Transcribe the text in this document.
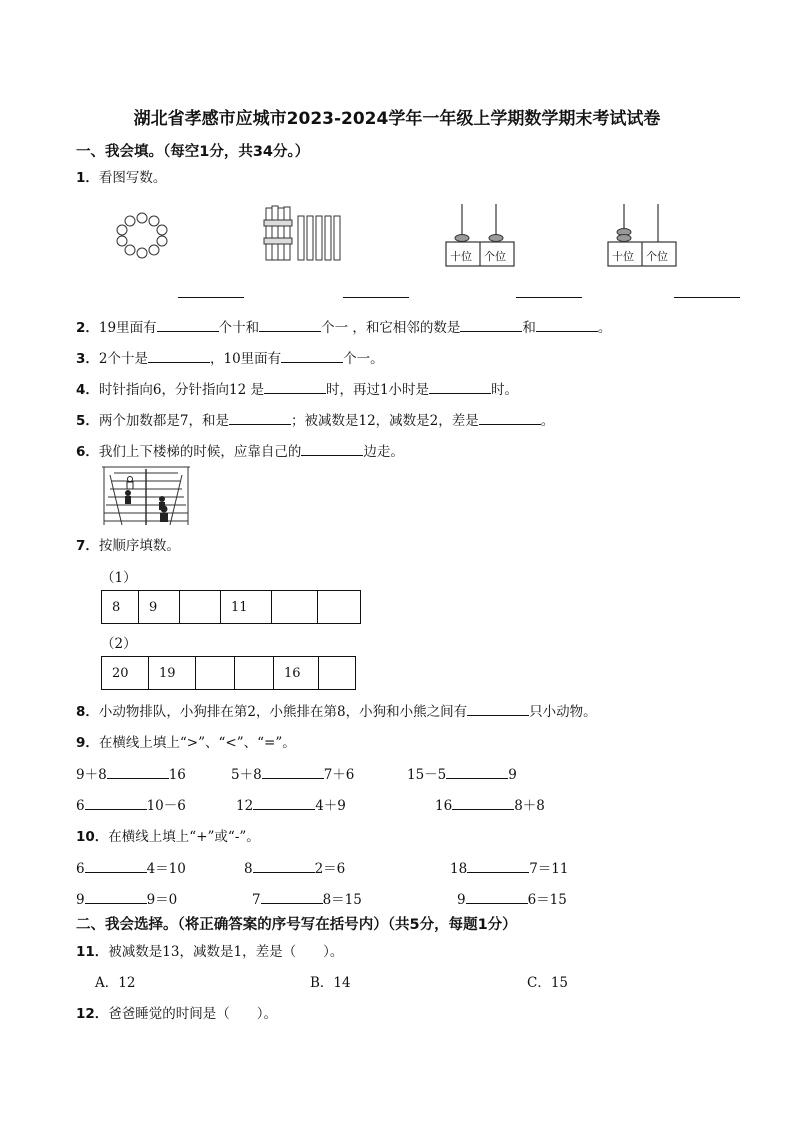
湖北省孝感市应城市2023-2024学年一年级上学期数学期末考试试卷
一、我会填。（每空1分，共34分。）
1．看图写数。
十位 个位	十位 个位
2．19里面有	个十和	个一 ，和它相邻的数是	和	。
3．2个十是	，10里面有	个一。
4．时针指向6，分针指向12 是	时，再过1小时是	时。
5．两个加数都是7，和是	；被减数是12，减数是2，差是	。
6．我们上下楼梯的时候，应靠自己的	边走。
7．按顺序填数。
（1）
8	9		11		
（2）
20	19			16	
8．小动物排队，小狗排在第2，小熊排在第8，小狗和小熊之间有	只小动物。
9．在横线上填上“>”、“<”、“=”。
9＋8	16	5＋8	7＋6	15－5	9
6	10－6	12	4＋9	16	8＋8
10．在横线上填上“+”或“-”。
6	4＝10	8	2＝6	18	7＝11
9	9＝0	7	8＝15	9	6＝15
二、我会选择。（将正确答案的序号写在括号内）（共5分，每题1分）
11．被减数是13，减数是1，差是（　　）。
A．12	B．14	C．15
12．爸爸睡觉的时间是（　　）。
